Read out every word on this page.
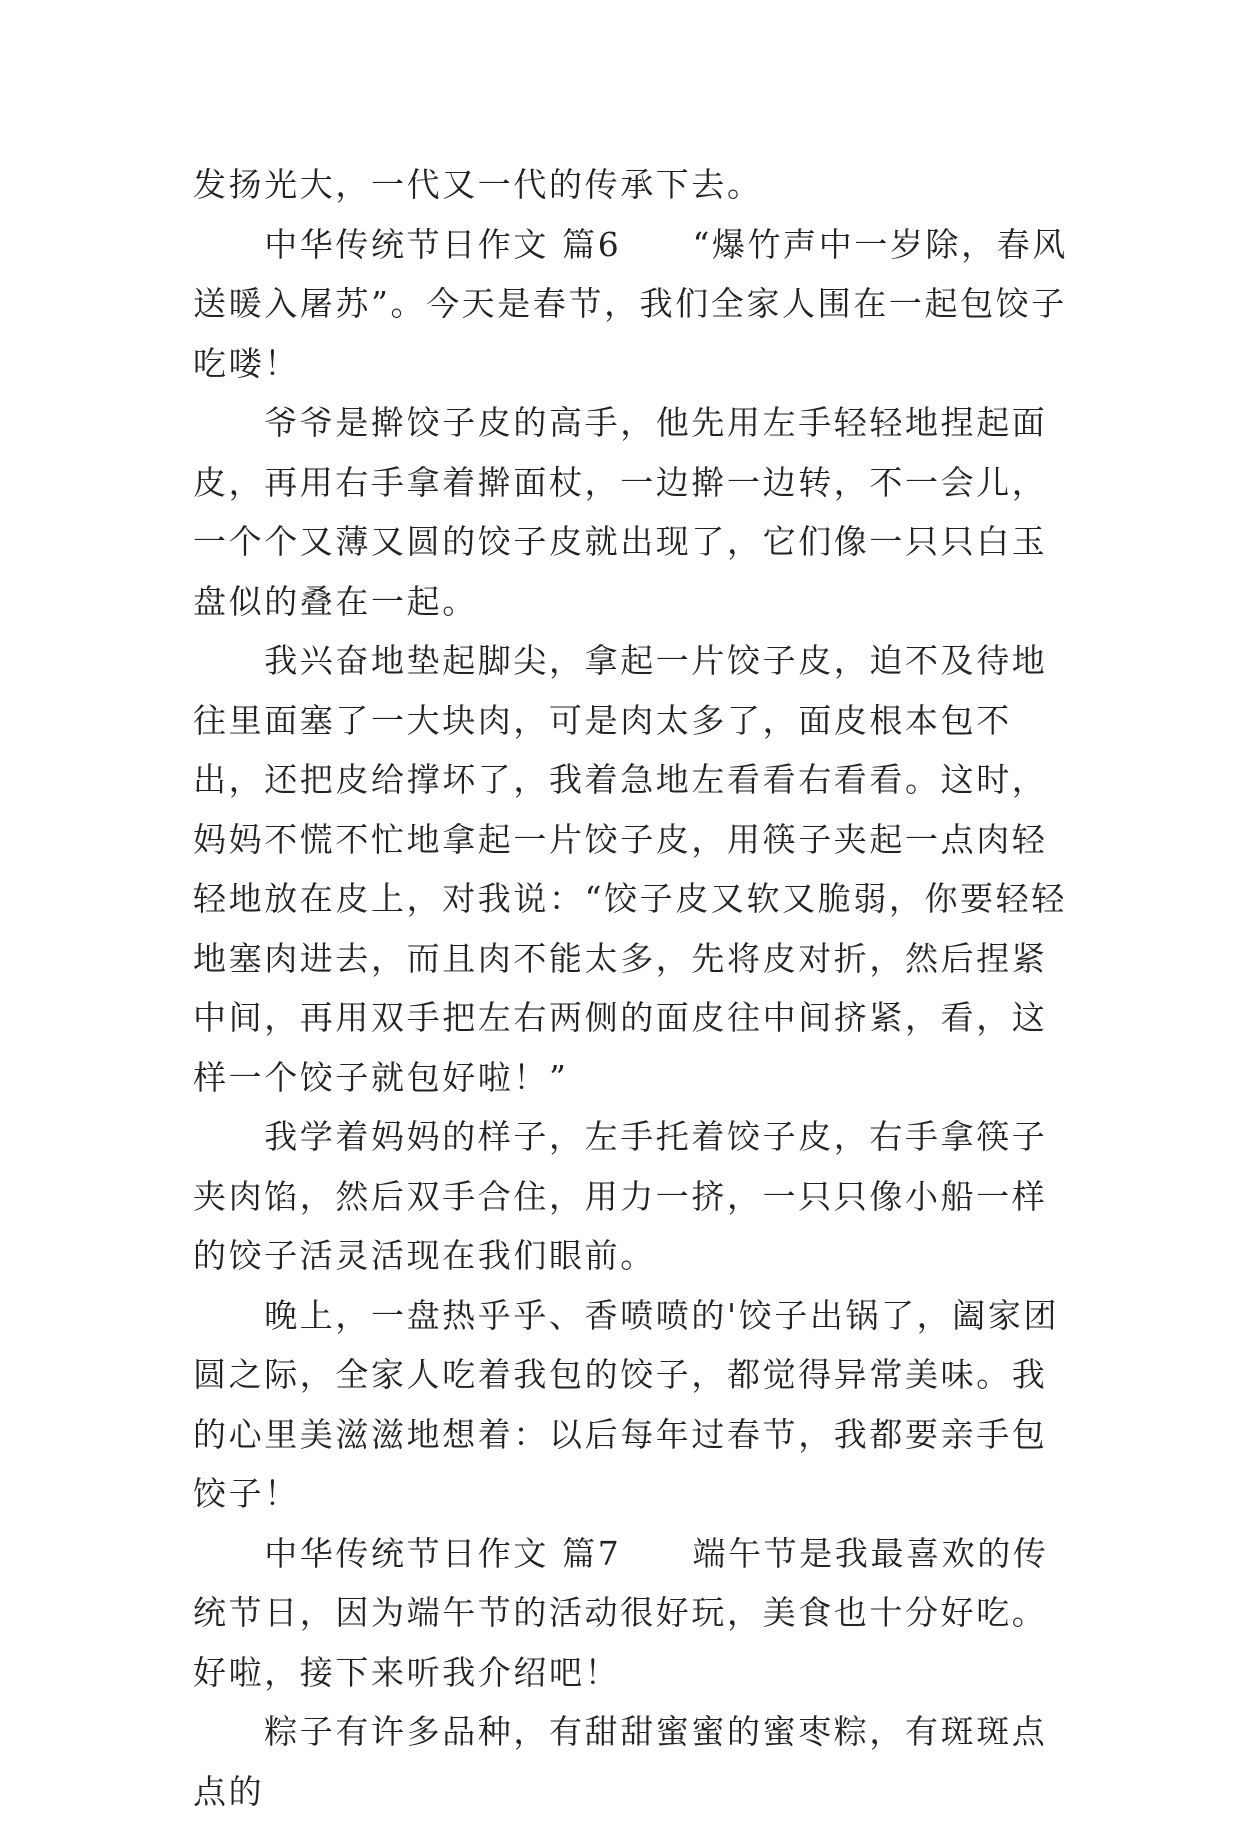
发扬光大，一代又一代的传承下去。

　　中华传统节日作文 篇6　　“爆竹声中一岁除，春风送暖入屠苏”。今天是春节，我们全家人围在一起包饺子吃喽！

　　爷爷是擀饺子皮的高手，他先用左手轻轻地捏起面皮，再用右手拿着擀面杖，一边擀一边转，不一会儿，一个个又薄又圆的饺子皮就出现了，它们像一只只白玉盘似的叠在一起。

　　我兴奋地垫起脚尖，拿起一片饺子皮，迫不及待地往里面塞了一大块肉，可是肉太多了，面皮根本包不出，还把皮给撑坏了，我着急地左看看右看看。这时，妈妈不慌不忙地拿起一片饺子皮，用筷子夹起一点肉轻轻地放在皮上，对我说：“饺子皮又软又脆弱，你要轻轻地塞肉进去，而且肉不能太多，先将皮对折，然后捏紧中间，再用双手把左右两侧的面皮往中间挤紧，看，这样一个饺子就包好啦！”

　　我学着妈妈的样子，左手托着饺子皮，右手拿筷子夹肉馅，然后双手合住，用力一挤，一只只像小船一样的饺子活灵活现在我们眼前。

　　晚上，一盘热乎乎、香喷喷的'饺子出锅了，阖家团圆之际，全家人吃着我包的饺子，都觉得异常美味。我的心里美滋滋地想着：以后每年过春节，我都要亲手包饺子！

　　中华传统节日作文 篇7　　端午节是我最喜欢的传统节日，因为端午节的活动很好玩，美食也十分好吃。好啦，接下来听我介绍吧！

　　粽子有许多品种，有甜甜蜜蜜的蜜枣粽，有斑斑点点的
